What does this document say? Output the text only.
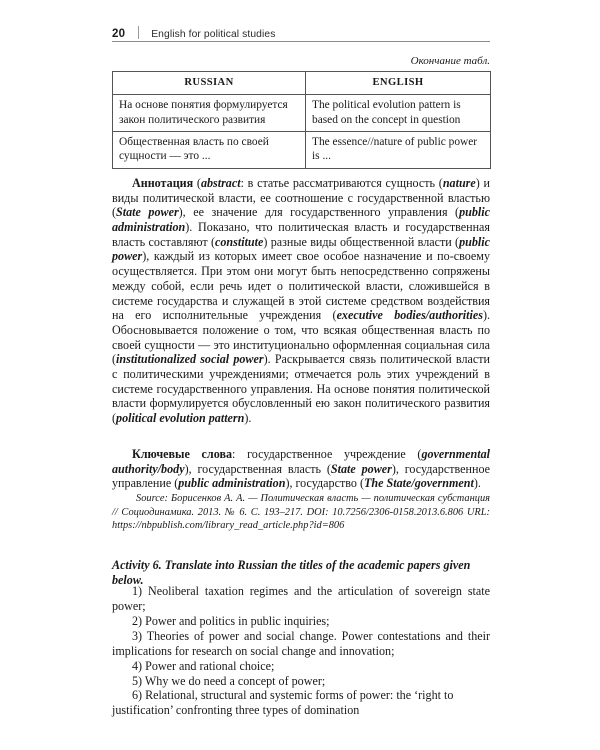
20	English for political studies
Окончание табл.
RUSSIAN	ENGLISH
На основе понятия формулируется закон политического развития	The political evolution pattern is based on the concept in question
Общественная власть по своей сущности — это ...	The essence//nature of public power is ...

Аннотация (abstract: в статье рассматриваются сущность (nature) и виды политической власти, ее соотношение с государственной властью (State power), ее значение для государственного управления (public administration). Показано, что политическая власть и государственная власть составляют (constitute) разные виды общественной власти (public power), каждый из которых имеет свое особое назначение и по-своему осуществляется. При этом они могут быть непосредственно сопряжены между собой, если речь идет о политической власти, сложившейся в системе государства и служащей в этой системе средством воздействия на его исполнительные учреждения (executive bodies/authorities). Обосновывается положение о том, что всякая общественная власть по своей сущности — это институционально оформленная социальная сила (institutionalized social power). Раскрывается связь политической власти с политическими учреждениями; отмечается роль этих учреждений в системе государственного управления. На основе понятия политической власти формулируется обусловленный ею закон политического развития (political evolution pattern).

Ключевые слова: государственное учреждение (governmental authority/body), государственная власть (State power), государственное управление (public administration), государство (The State/government).

Source: Борисенков А. А. — Политическая власть — политическая субстанция // Социодинамика. 2013. № 6. С. 193–217. DOI: 10.7256/2306-0158.2013.6.806 URL: https://nbpublish.com/library_read_article.php?id=806

Activity 6. Translate into Russian the titles of the academic papers given below.

1) Neoliberal taxation regimes and the articulation of sovereign state power;

2) Power and politics in public inquiries;

3) Theories of power and social change. Power contestations and their implications for research on social change and innovation;

4) Power and rational choice;

5) Why we do need a concept of power;

6) Relational, structural and systemic forms of power: the ‘right to justification’ confronting three types of domination
